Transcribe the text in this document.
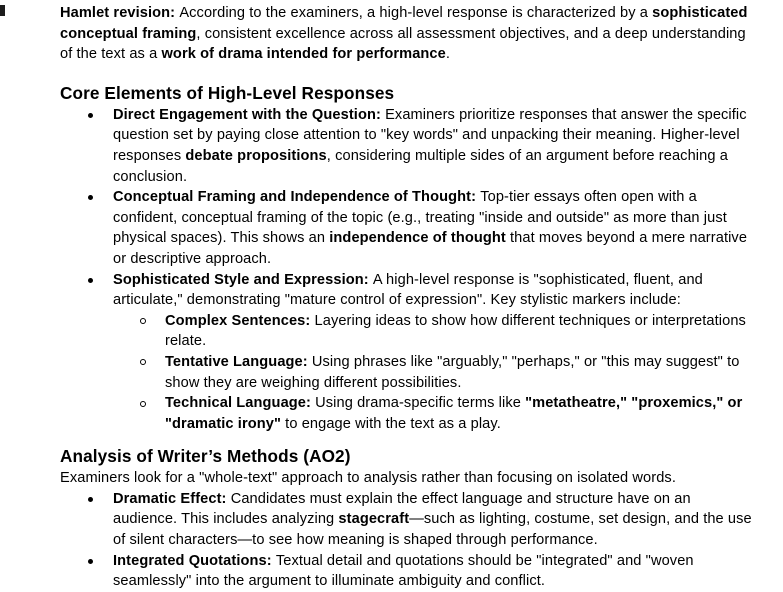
Hamlet revision: According to the examiners, a high-level response is characterized by a sophisticated conceptual framing, consistent excellence across all assessment objectives, and a deep understanding of the text as a work of drama intended for performance.
Core Elements of High-Level Responses
Direct Engagement with the Question: Examiners prioritize responses that answer the specific question set by paying close attention to "key words" and unpacking their meaning. Higher-level responses debate propositions, considering multiple sides of an argument before reaching a conclusion.
Conceptual Framing and Independence of Thought: Top-tier essays often open with a confident, conceptual framing of the topic (e.g., treating "inside and outside" as more than just physical spaces). This shows an independence of thought that moves beyond a mere narrative or descriptive approach.
Sophisticated Style and Expression: A high-level response is "sophisticated, fluent, and articulate," demonstrating "mature control of expression". Key stylistic markers include:
Complex Sentences: Layering ideas to show how different techniques or interpretations relate.
Tentative Language: Using phrases like "arguably," "perhaps," or "this may suggest" to show they are weighing different possibilities.
Technical Language: Using drama-specific terms like "metatheatre," "proxemics," or "dramatic irony" to engage with the text as a play.
Analysis of Writer’s Methods (AO2)
Examiners look for a "whole-text" approach to analysis rather than focusing on isolated words.
Dramatic Effect: Candidates must explain the effect language and structure have on an audience. This includes analyzing stagecraft—such as lighting, costume, set design, and the use of silent characters—to see how meaning is shaped through performance.
Integrated Quotations: Textual detail and quotations should be "integrated" and "woven seamlessly" into the argument to illuminate ambiguity and conflict.
